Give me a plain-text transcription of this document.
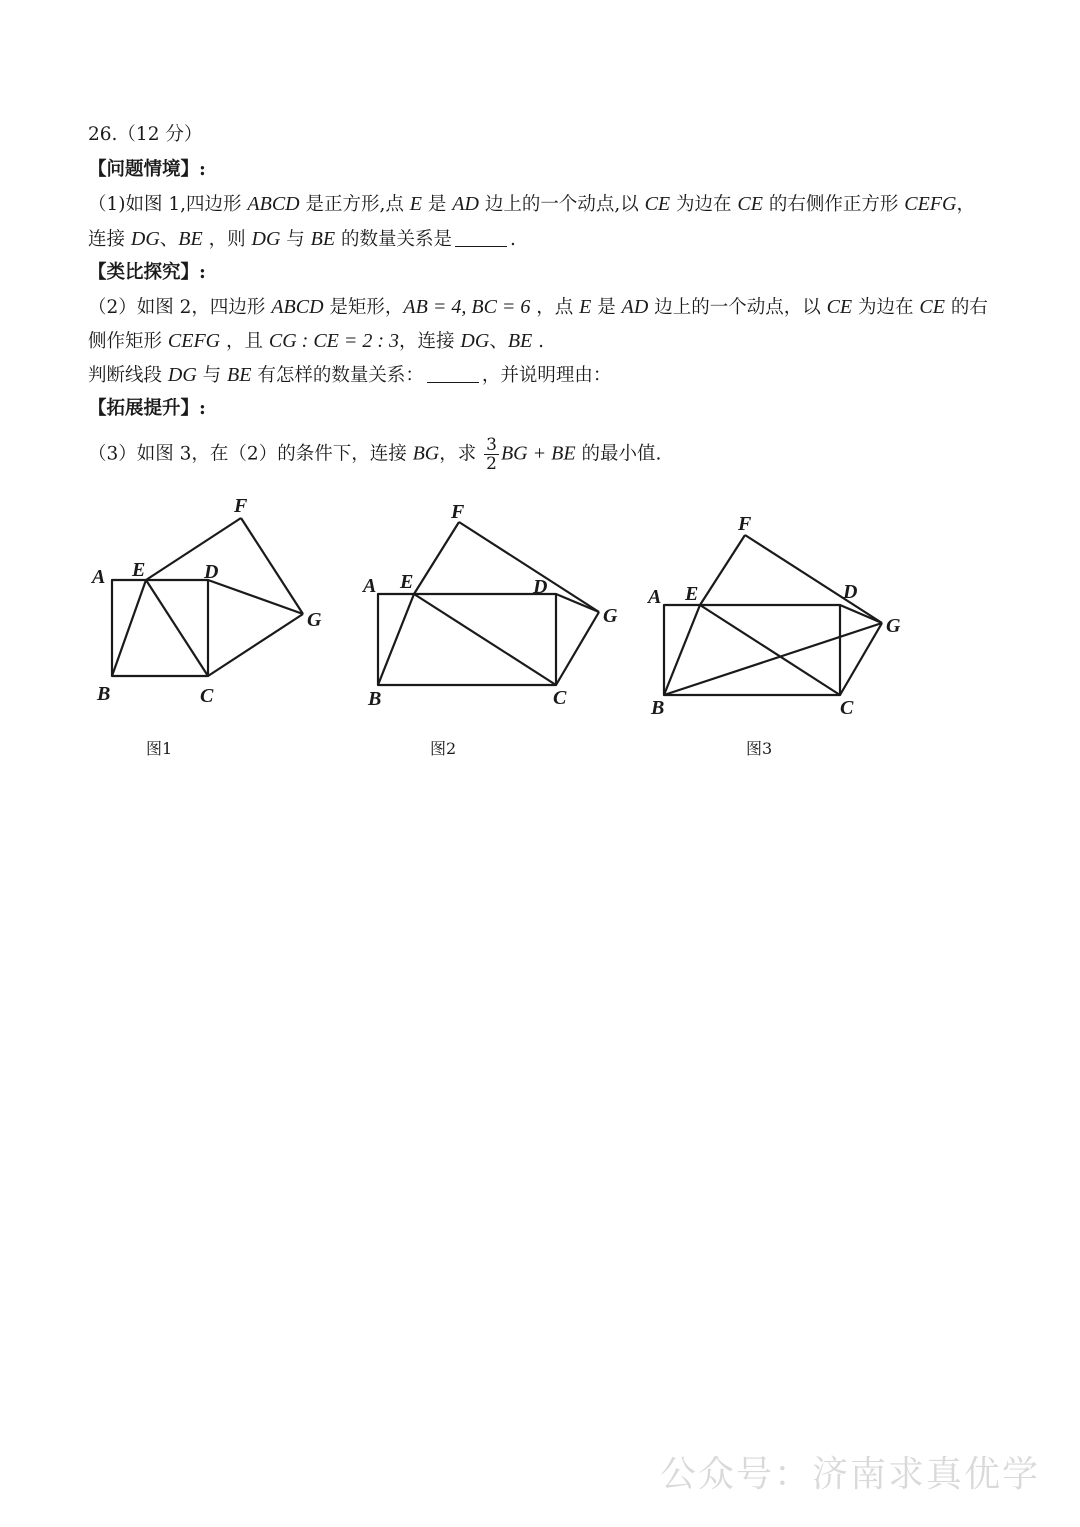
26.（12 分）
【问题情境】:
（1)如图 1,四边形 ABCD 是正方形,点 E 是 AD 边上的一个动点,以 CE 为边在 CE 的右侧作正方形 CEFG，
连接 DG、BE ，则 DG 与 BE 的数量关系是	.
【类比探究】:
（2）如图 2，四边形 ABCD 是矩形，AB = 4, BC = 6 ，点 E 是 AD 边上的一个动点，以 CE 为边在 CE 的右
侧作矩形 CEFG ，且 CG : CE = 2 : 3，连接 DG、BE .
判断线段 DG 与 BE 有怎样的数量关系：	，并说明理由：
【拓展提升】:
（3）如图 3，在（2）的条件下，连接 BG，求 $\frac{3}{2}$ BG + BE 的最小值.
A E	D
F
G
B	C
A E	D
F
G
B	C
A E	D
F
G
B	C
图1	图2	图3
公众号：济南求真优学
